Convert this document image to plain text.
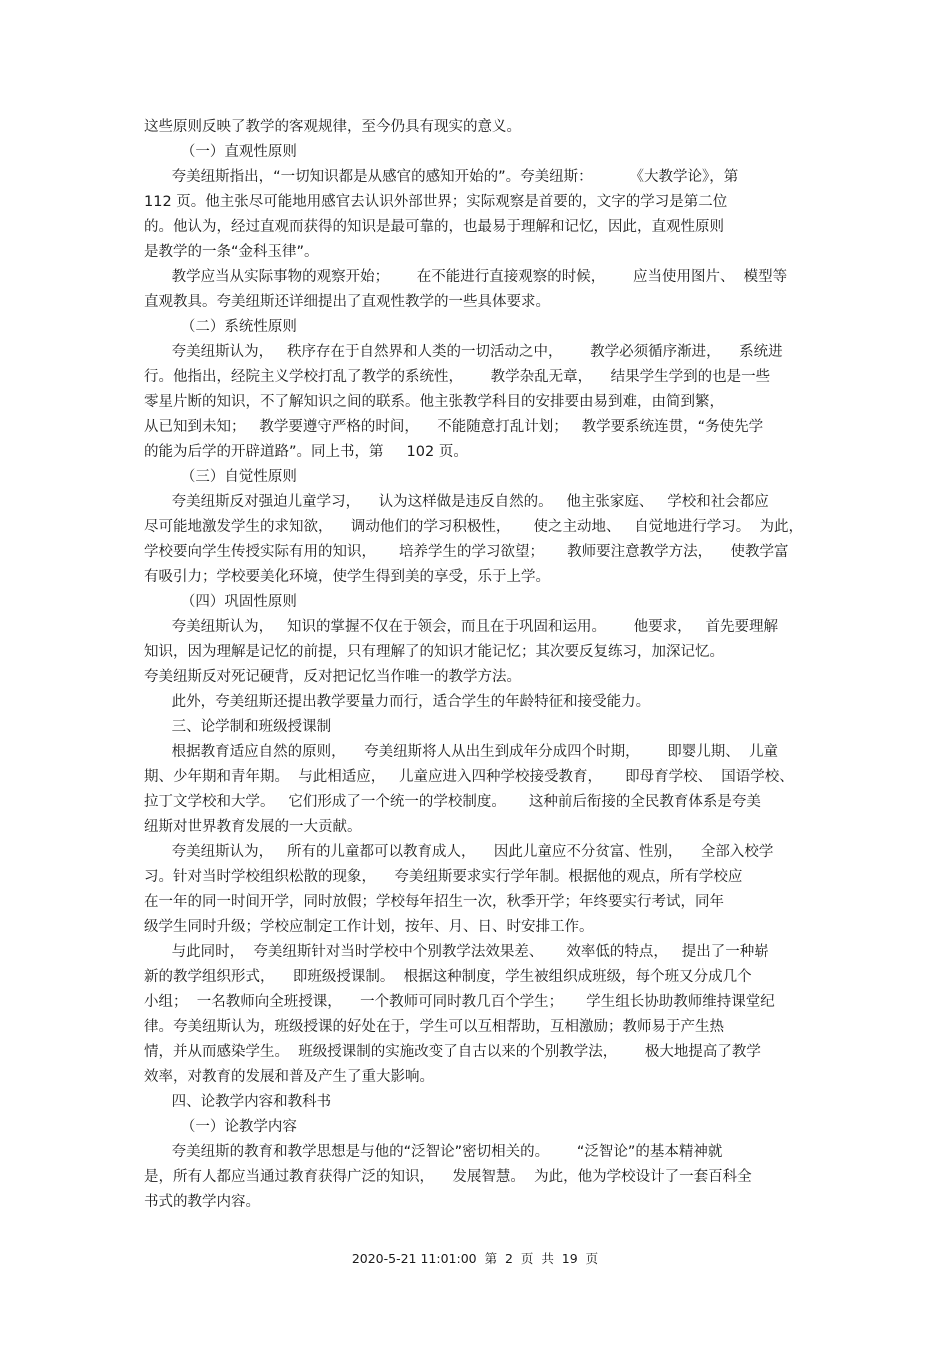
这些原则反映了教学的客观规律，至今仍具有现实的意义。
（一）直观性原则
夸美纽斯指出，“一切知识都是从感官的感知开始的”。夸美纽斯：        《大教学论》，第
112 页。他主张尽可能地用感官去认识外部世界；实际观察是首要的，文字的学习是第二位
的。他认为，经过直观而获得的知识是最可靠的，也最易于理解和记忆，因此，直观性原则
是教学的一条“金科玉律”。
教学应当从实际事物的观察开始；      在不能进行直接观察的时候，      应当使用图片、  模型等
直观教具。夸美纽斯还详细提出了直观性教学的一些具体要求。
（二）系统性原则
夸美纽斯认为，   秩序存在于自然界和人类的一切活动之中，      教学必须循序渐进，    系统进
行。他指出，经院主义学校打乱了教学的系统性，      教学杂乱无章，    结果学生学到的也是一些
零星片断的知识，不了解知识之间的联系。他主张教学科目的安排要由易到难，由简到繁，
从已知到未知；   教学要遵守严格的时间，    不能随意打乱计划；   教学要系统连贯，“务使先学
的能为后学的开辟道路”。同上书，第     102 页。
（三）自觉性原则
夸美纽斯反对强迫儿童学习，    认为这样做是违反自然的。   他主张家庭、   学校和社会都应
尽可能地激发学生的求知欲，    调动他们的学习积极性，     使之主动地、   自觉地进行学习。  为此，
学校要向学生传授实际有用的知识，     培养学生的学习欲望；     教师要注意教学方法，    使教学富
有吸引力；学校要美化环境，使学生得到美的享受，乐于上学。
（四）巩固性原则
夸美纽斯认为，   知识的掌握不仅在于领会，而且在于巩固和运用。      他要求，   首先要理解
知识，因为理解是记忆的前提，只有理解了的知识才能记忆；其次要反复练习，加深记忆。
夸美纽斯反对死记硬背，反对把记忆当作唯一的教学方法。
此外，夸美纽斯还提出教学要量力而行，适合学生的年龄特征和接受能力。
三、论学制和班级授课制
根据教育适应自然的原则，    夸美纽斯将人从出生到成年分成四个时期，      即婴儿期、  儿童
期、少年期和青年期。  与此相适应，   儿童应进入四种学校接受教育，     即母育学校、  国语学校、
拉丁文学校和大学。   它们形成了一个统一的学校制度。     这种前后衔接的全民教育体系是夸美
纽斯对世界教育发展的一大贡献。
夸美纽斯认为，   所有的儿童都可以教育成人，    因此儿童应不分贫富、性别，    全部入校学
习。针对当时学校组织松散的现象，    夸美纽斯要求实行学年制。根据他的观点，所有学校应
在一年的同一时间开学，同时放假；学校每年招生一次，秋季开学；年终要实行考试，同年
级学生同时升级；学校应制定工作计划，按年、月、日、时安排工作。
与此同时，  夸美纽斯针对当时学校中个别教学法效果差、     效率低的特点，   提出了一种崭
新的教学组织形式，    即班级授课制。  根据这种制度，学生被组织成班级，每个班又分成几个
小组；  一名教师向全班授课，    一个教师可同时教几百个学生；     学生组长协助教师维持课堂纪
律。夸美纽斯认为，班级授课的好处在于，学生可以互相帮助，互相激励；教师易于产生热
情，并从而感染学生。  班级授课制的实施改变了自古以来的个别教学法，      极大地提高了教学
效率，对教育的发展和普及产生了重大影响。
四、论教学内容和教科书
（一）论教学内容
夸美纽斯的教育和教学思想是与他的“泛智论”密切相关的。      “泛智论”的基本精神就
是，所有人都应当通过教育获得广泛的知识，    发展智慧。  为此，他为学校设计了一套百科全
书式的教学内容。
2020-5-21 11:01:00  第  2  页  共  19  页
